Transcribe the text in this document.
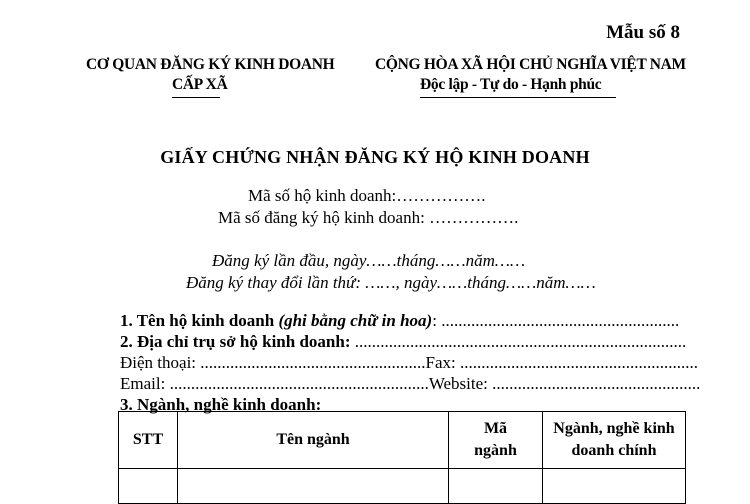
Mẫu số 8
CƠ QUAN ĐĂNG KÝ KINH DOANH
CẤP XÃ
CỘNG HÒA XÃ HỘI CHỦ NGHĨA VIỆT NAM
Độc lập - Tự do - Hạnh phúc
GIẤY CHỨNG NHẬN ĐĂNG KÝ HỘ KINH DOANH
Mã số hộ kinh doanh:…………….
Mã số đăng ký hộ kinh doanh: …………….
Đăng ký lần đầu, ngày……tháng……năm……
Đăng ký thay đổi lần thứ: ……, ngày……tháng……năm……
1. Tên hộ kinh doanh (ghi bằng chữ in hoa): ........................................................
2. Địa chỉ trụ sở hộ kinh doanh: ..............................................................................
Điện thoại: .....................................................Fax: ........................................................
Email: .............................................................Website: .................................................
3. Ngành, nghề kinh doanh:
STT	Tên ngành	Mã ngành	Ngành, nghề kinh doanh chính
